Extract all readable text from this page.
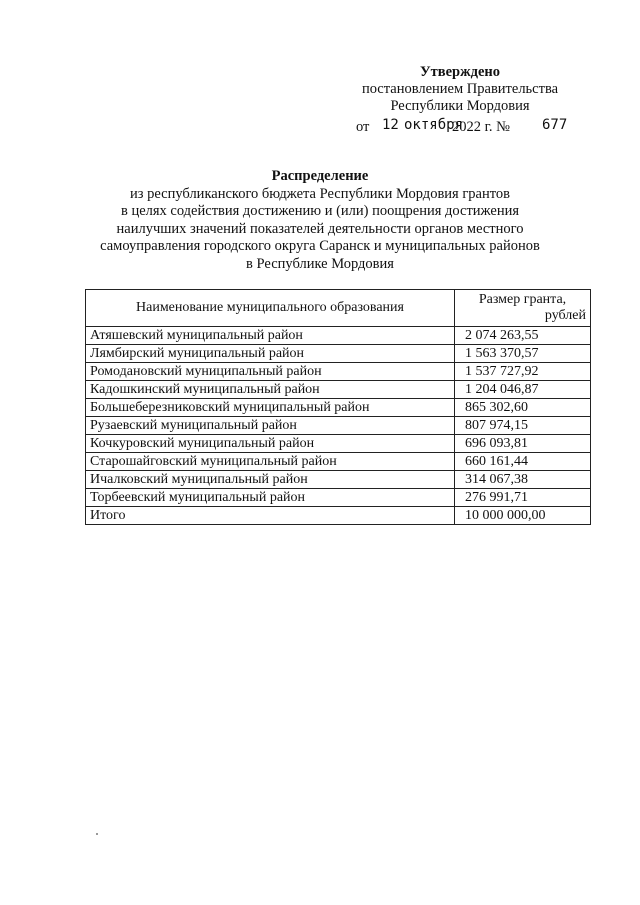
Утверждено
постановлением Правительства
Республики Мордовия
от 12 октября
2022 г. № 677
Распределение
из республиканского бюджета Республики Мордовия грантов
в целях содействия достижению и (или) поощрения достижения
наилучших значений показателей деятельности органов местного
самоуправления городского округа Саранск и муниципальных районов
в Республике Мордовия
Наименование муниципального образования	Размер гранта,
рублей

Атяшевский муниципальный район	2 074 263,55
Лямбирский муниципальный район	1 563 370,57
Ромодановский муниципальный район	1 537 727,92
Кадошкинский муниципальный район	1 204 046,87
Большеберезниковский муниципальный район	865 302,60
Рузаевский муниципальный район	807 974,15
Кочкуровский муниципальный район	696 093,81
Старошайговский муниципальный район	660 161,44
Ичалковский муниципальный район	314 067,38
Торбеевский муниципальный район	276 991,71
Итого	10 000 000,00
